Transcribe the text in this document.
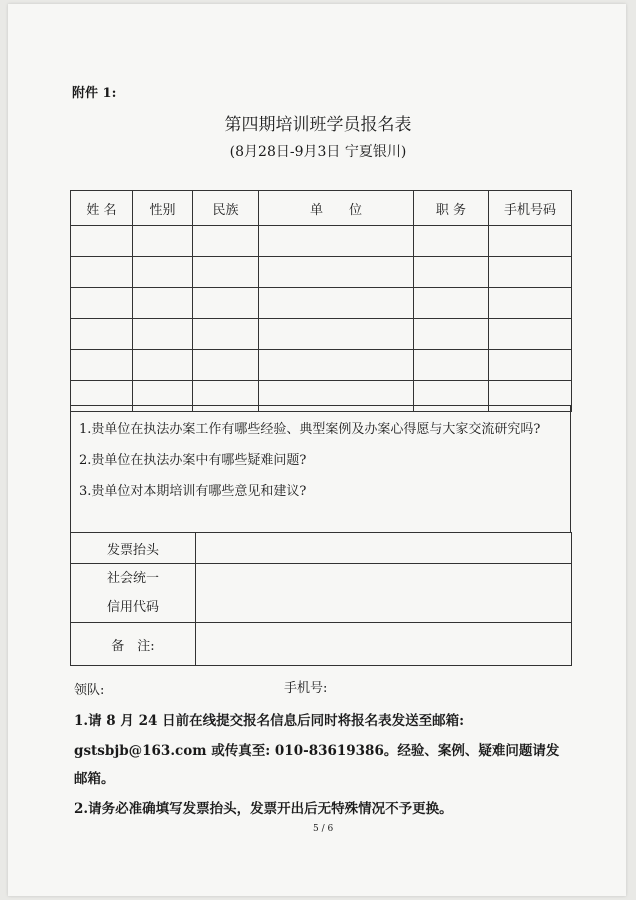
附件 1:
第四期培训班学员报名表
(8月28日-9月3日 宁夏银川)
姓 名	性别	民族	单　　位	职 务	手机号码

1.贵单位在执法办案工作有哪些经验、典型案例及办案心得愿与大家交流研究吗?

2.贵单位在执法办案中有哪些疑难问题?

3.贵单位对本期培训有哪些意见和建议?

发票抬头	

社会统一
信用代码	

备　注:	
领队:	手机号:
1.请 8 月 24 日前在线提交报名信息后同时将报名表发送至邮箱:
gstsbjb@163.com 或传真至: 010-83619386。经验、案例、疑难问题请发
邮箱。
2.请务必准确填写发票抬头，发票开出后无特殊情况不予更换。
5 / 6
